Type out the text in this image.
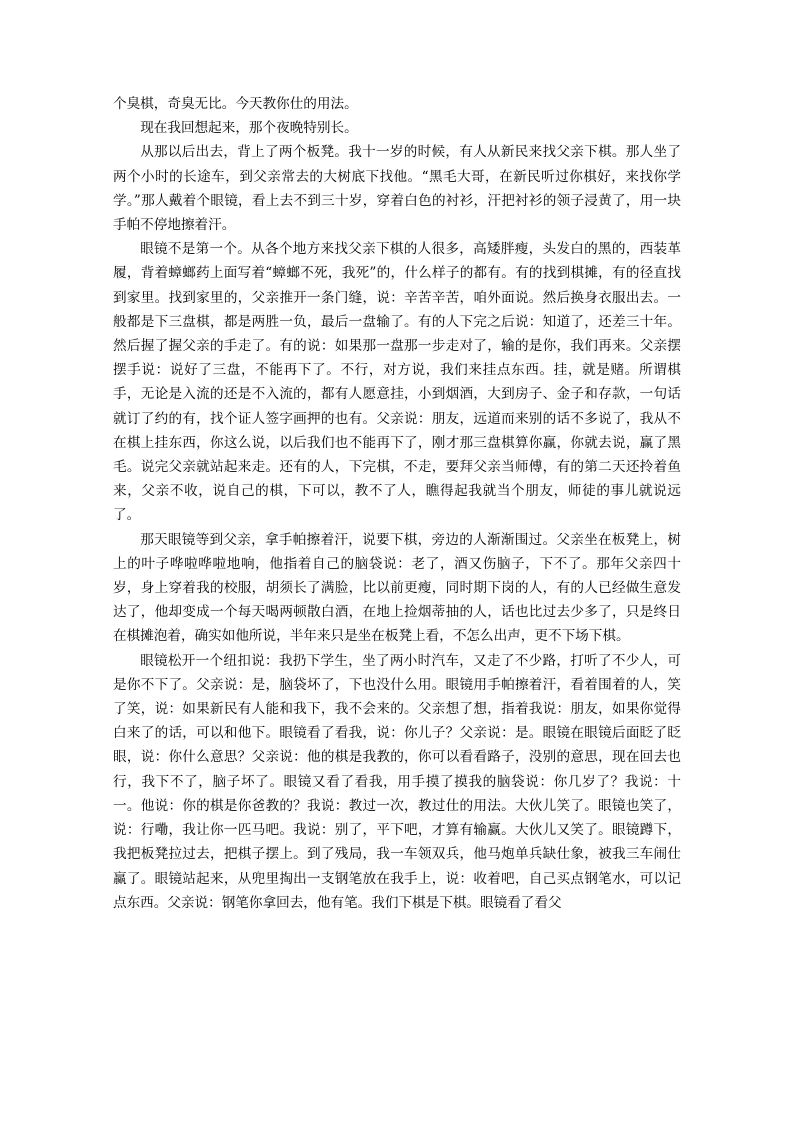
个臭棋，奇臭无比。今天教你仕的用法。

现在我回想起来，那个夜晚特别长。

从那以后出去，背上了两个板凳。我十一岁的时候，有人从新民来找父亲下棋。那人坐了两个小时的长途车，到父亲常去的大树底下找他。“黑毛大哥，在新民听过你棋好，来找你学学。”那人戴着个眼镜，看上去不到三十岁，穿着白色的衬衫，汗把衬衫的领子浸黄了，用一块手帕不停地擦着汗。

眼镜不是第一个。从各个地方来找父亲下棋的人很多，高矮胖瘦，头发白的黑的，西装革履，背着蟑螂药上面写着“蟑螂不死，我死”的，什么样子的都有。有的找到棋摊，有的径直找到家里。找到家里的，父亲推开一条门缝，说：辛苦辛苦，咱外面说。然后换身衣服出去。一般都是下三盘棋，都是两胜一负，最后一盘输了。有的人下完之后说：知道了，还差三十年。然后握了握父亲的手走了。有的说：如果那一盘那一步走对了，输的是你，我们再来。父亲摆摆手说：说好了三盘，不能再下了。不行，对方说，我们来挂点东西。挂，就是赌。所谓棋手，无论是入流的还是不入流的，都有人愿意挂，小到烟酒，大到房子、金子和存款，一句话就订了约的有，找个证人签字画押的也有。父亲说：朋友，远道而来别的话不多说了，我从不在棋上挂东西，你这么说，以后我们也不能再下了，刚才那三盘棋算你赢，你就去说，赢了黑毛。说完父亲就站起来走。还有的人，下完棋，不走，要拜父亲当师傅，有的第二天还拎着鱼来，父亲不收，说自己的棋，下可以，教不了人，瞧得起我就当个朋友，师徒的事儿就说远了。

那天眼镜等到父亲，拿手帕擦着汗，说要下棋，旁边的人渐渐围过。父亲坐在板凳上，树上的叶子哗啦哗啦地响，他指着自己的脑袋说：老了，酒又伤脑子，下不了。那年父亲四十岁，身上穿着我的校服，胡须长了满脸，比以前更瘦，同时期下岗的人，有的人已经做生意发达了，他却变成一个每天喝两顿散白酒，在地上捡烟蒂抽的人，话也比过去少多了，只是终日在棋摊泡着，确实如他所说，半年来只是坐在板凳上看，不怎么出声，更不下场下棋。

眼镜松开一个纽扣说：我扔下学生，坐了两小时汽车，又走了不少路，打听了不少人，可是你不下了。父亲说：是，脑袋坏了，下也没什么用。眼镜用手帕擦着汗，看着围着的人，笑了笑，说：如果新民有人能和我下，我不会来的。父亲想了想，指着我说：朋友，如果你觉得白来了的话，可以和他下。眼镜看了看我，说：你儿子？父亲说：是。眼镜在眼镜后面眨了眨眼，说：你什么意思？父亲说：他的棋是我教的，你可以看看路子，没别的意思，现在回去也行，我下不了，脑子坏了。眼镜又看了看我，用手摸了摸我的脑袋说：你几岁了？我说：十一。他说：你的棋是你爸教的？我说：教过一次，教过仕的用法。大伙儿笑了。眼镜也笑了，说：行嘞，我让你一匹马吧。我说：别了，平下吧，才算有输赢。大伙儿又笑了。眼镜蹲下，我把板凳拉过去，把棋子摆上。到了残局，我一车领双兵，他马炮单兵缺仕象，被我三车闹仕赢了。眼镜站起来，从兜里掏出一支钢笔放在我手上，说：收着吧，自己买点钢笔水，可以记点东西。父亲说：钢笔你拿回去，他有笔。我们下棋是下棋。眼镜看了看父
